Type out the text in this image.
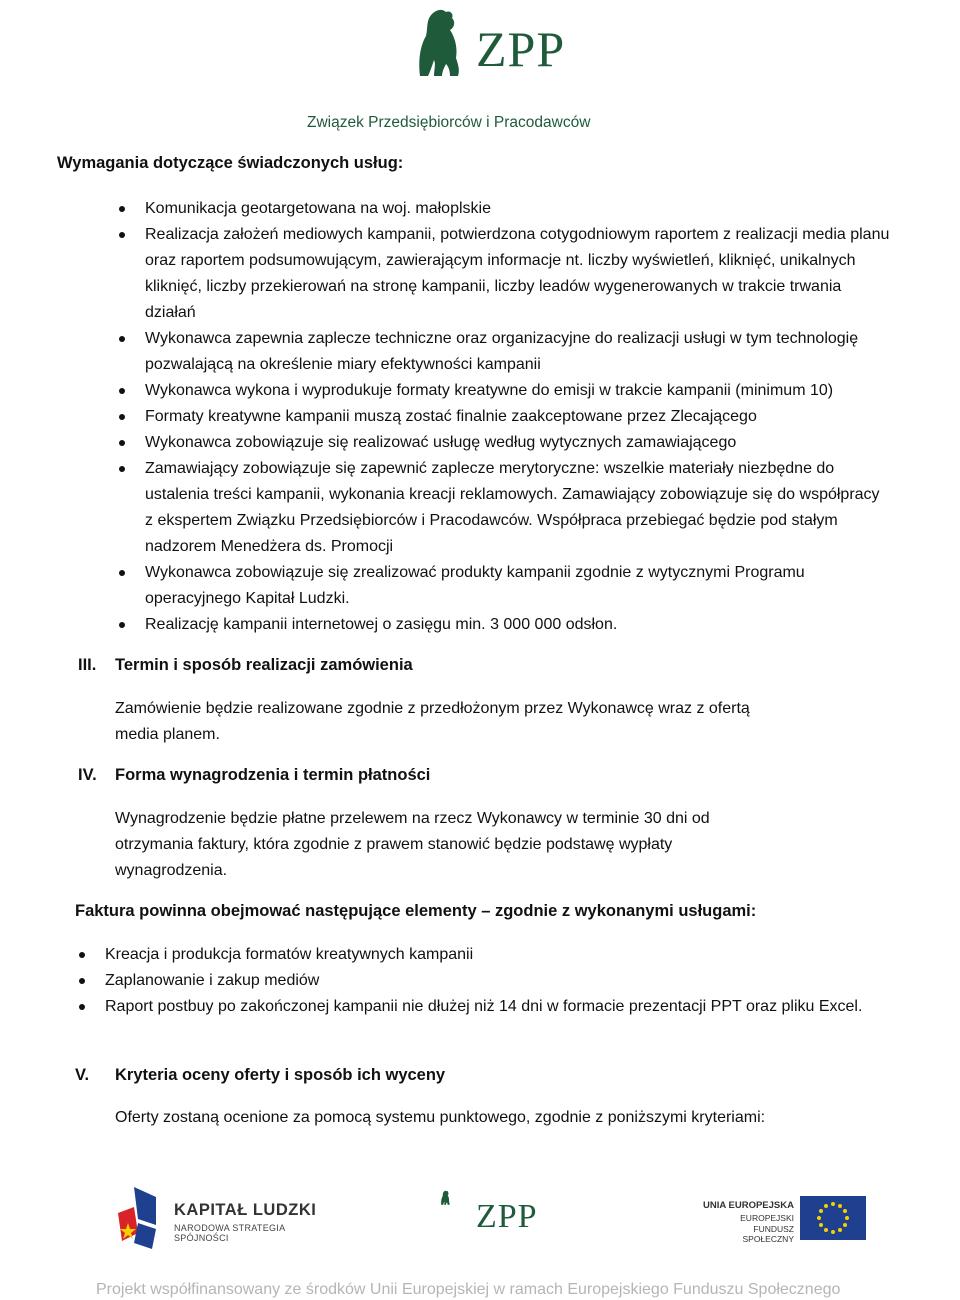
ZPP
Związek Przedsiębiorców i Pracodawców
Wymagania dotyczące świadczonych usług:
Komunikacja geotargetowana na woj. małoplskie
Realizacja założeń mediowych kampanii, potwierdzona cotygodniowym raportem z realizacji media planu oraz raportem podsumowującym, zawierającym informacje nt. liczby wyświetleń, kliknięć, unikalnych kliknięć, liczby przekierowań na stronę kampanii, liczby leadów wygenerowanych w trakcie trwania działań
Wykonawca zapewnia zaplecze techniczne oraz organizacyjne do realizacji usługi w tym technologię pozwalającą na określenie miary efektywności kampanii
Wykonawca wykona i wyprodukuje formaty kreatywne do emisji w trakcie kampanii (minimum 10)
Formaty kreatywne kampanii muszą zostać finalnie zaakceptowane przez Zlecającego
Wykonawca zobowiązuje się realizować usługę według wytycznych zamawiającego
Zamawiający zobowiązuje się zapewnić zaplecze merytoryczne: wszelkie materiały niezbędne do ustalenia treści kampanii, wykonania kreacji reklamowych. Zamawiający zobowiązuje się do współpracy z ekspertem Związku Przedsiębiorców i Pracodawców. Współpraca przebiegać będzie pod stałym nadzorem Menedżera ds. Promocji
Wykonawca zobowiązuje się zrealizować produkty kampanii zgodnie z wytycznymi Programu operacyjnego Kapitał Ludzki.
Realizację kampanii internetowej o zasięgu min. 3 000 000 odsłon.
III. Termin i sposób realizacji zamówienia
Zamówienie będzie realizowane zgodnie z przedłożonym przez Wykonawcę wraz z ofertą media planem.
IV. Forma wynagrodzenia i termin płatności
Wynagrodzenie będzie płatne przelewem na rzecz Wykonawcy w terminie 30 dni od otrzymania faktury, która zgodnie z prawem stanowić będzie podstawę wypłaty wynagrodzenia.
Faktura powinna obejmować następujące elementy – zgodnie z wykonanymi usługami:
Kreacja i produkcja formatów kreatywnych kampanii
Zaplanowanie i zakup mediów
Raport postbuy po zakończonej kampanii nie dłużej niż 14 dni w formacie prezentacji PPT oraz pliku Excel.
V. Kryteria oceny oferty i sposób ich wyceny
Oferty zostaną ocenione za pomocą systemu punktowego, zgodnie z poniższymi kryteriami:
KAPITAŁ LUDZKI
NARODOWA STRATEGIA SPÓJNOŚCI
ZPP	UNIA EUROPEJSKA
EUROPEJSKI
FUNDUSZ SPOŁECZNY
Projekt współfinansowany ze środków Unii Europejskiej w ramach Europejskiego Funduszu Społecznego
